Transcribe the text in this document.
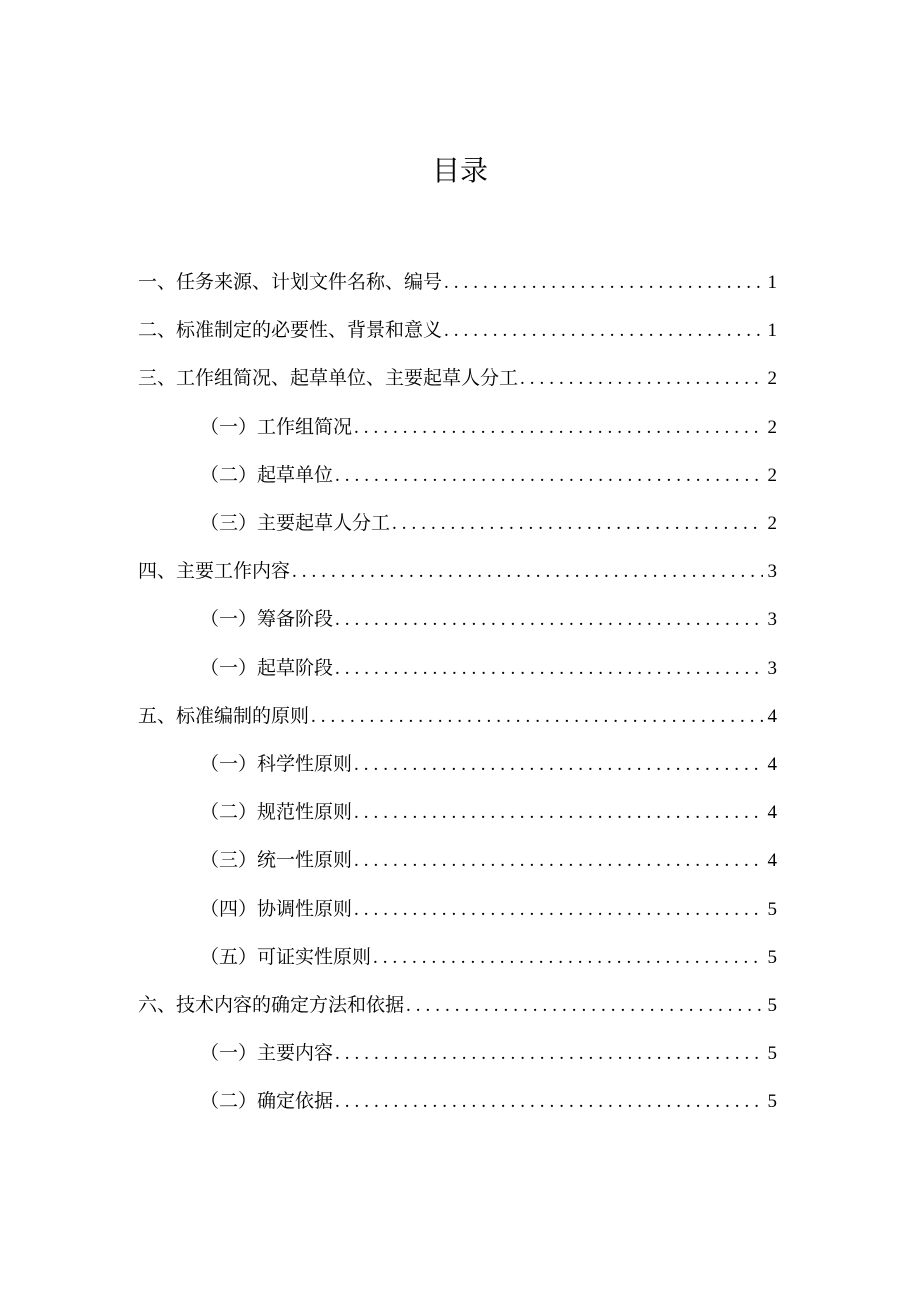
目录
一、任务来源、计划文件名称、编号 .....	1
二、标准制定的必要性、背景和意义 .....	1
三、工作组简况、起草单位、主要起草人分工 .....	2
（一）工作组简况 .....	2
（二）起草单位 .....	2
（三）主要起草人分工 .....	2
四、主要工作内容 .....	3
（一）筹备阶段 .....	3
（一）起草阶段 .....	3
五、标准编制的原则 .....	4
（一）科学性原则 .....	4
（二）规范性原则 .....	4
（三）统一性原则 .....	4
（四）协调性原则 .....	5
（五）可证实性原则 .....	5
六、技术内容的确定方法和依据 .....	5
（一）主要内容 .....	5
（二）确定依据 .....	5
